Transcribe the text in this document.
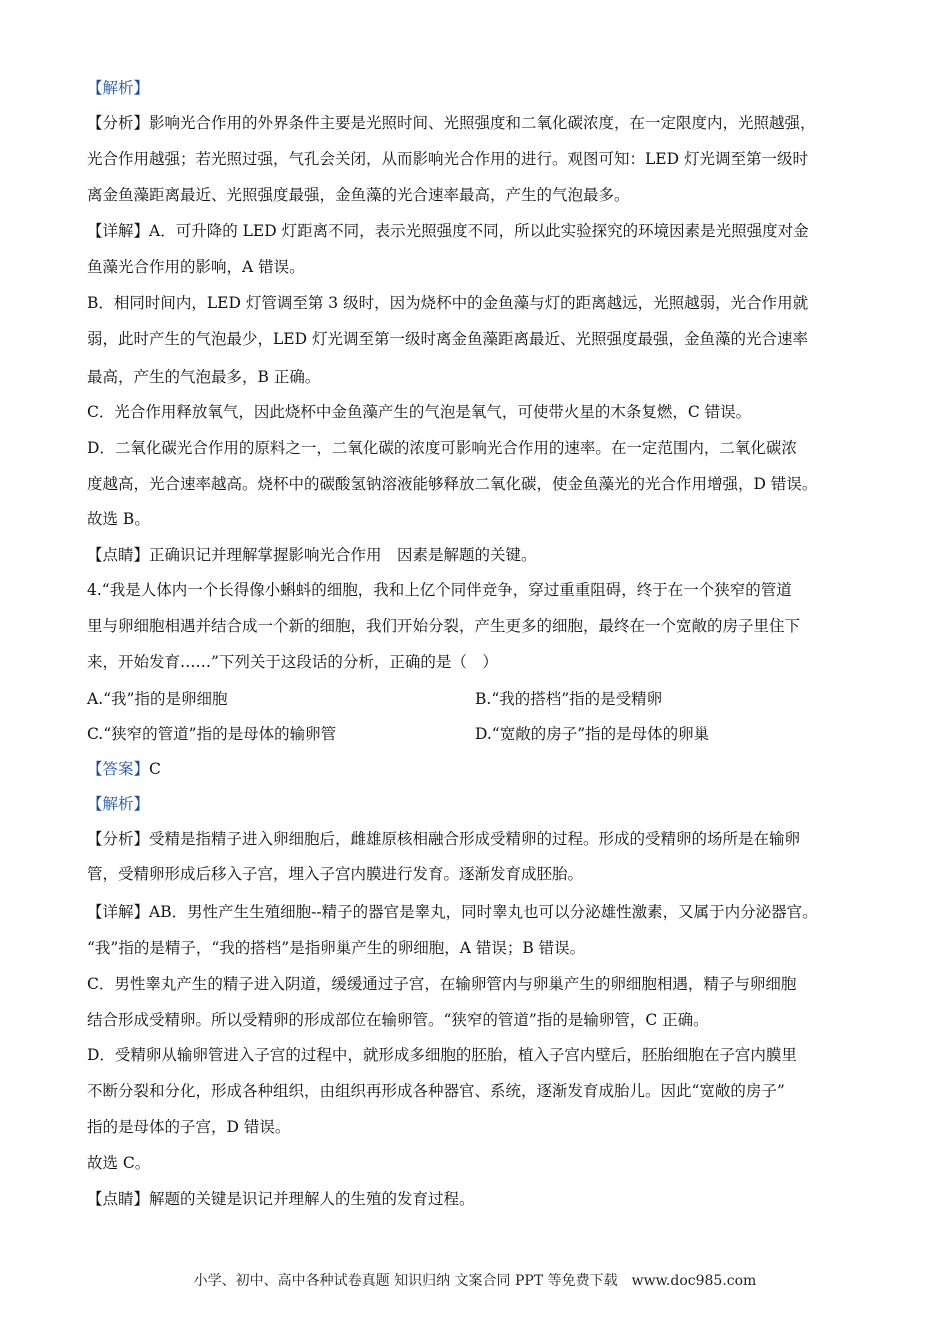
【解析】
【分析】影响光合作用的外界条件主要是光照时间、光照强度和二氧化碳浓度，在一定限度内，光照越强，
光合作用越强；若光照过强，气孔会关闭，从而影响光合作用的进行。观图可知：LED 灯光调至第一级时
离金鱼藻距离最近、光照强度最强，金鱼藻的光合速率最高，产生的气泡最多。
【详解】A．可升降的 LED 灯距离不同，表示光照强度不同，所以此实验探究的环境因素是光照强度对金
鱼藻光合作用的影响，A 错误。
B．相同时间内，LED 灯管调至第 3 级时，因为烧杯中的金鱼藻与灯的距离越远，光照越弱，光合作用就
弱，此时产生的气泡最少，LED 灯光调至第一级时离金鱼藻距离最近、光照强度最强，金鱼藻的光合速率
最高，产生的气泡最多，B 正确。
C．光合作用释放氧气，因此烧杯中金鱼藻产生的气泡是氧气，可使带火星的木条复燃，C 错误。
D．二氧化碳光合作用的原料之一，二氧化碳的浓度可影响光合作用的速率。在一定范围内，二氧化碳浓
度越高，光合速率越高。烧杯中的碳酸氢钠溶液能够释放二氧化碳，使金鱼藻光的光合作用增强，D 错误。
故选 B。
【点睛】正确识记并理解掌握影响光合作用　因素是解题的关键。
4.“我是人体内一个长得像小蝌蚪的细胞，我和上亿个同伴竞争，穿过重重阻碍，终于在一个狭窄的管道
里与卵细胞相遇并结合成一个新的细胞，我们开始分裂，产生更多的细胞，最终在一个宽敞的房子里住下
来，开始发育……”下列关于这段话的分析，正确的是（　）
A.“我”指的是卵细胞	B.“我的搭档”指的是受精卵
C.“狭窄的管道”指的是母体的输卵管	D.“宽敞的房子”指的是母体的卵巢
【答案】C
【解析】
【分析】受精是指精子进入卵细胞后，雌雄原核相融合形成受精卵的过程。形成的受精卵的场所是在输卵
管，受精卵形成后移入子宫，埋入子宫内膜进行发育。逐渐发育成胚胎。
【详解】AB．男性产生生殖细胞--精子的器官是睾丸，同时睾丸也可以分泌雄性激素，又属于内分泌器官。
“我”指的是精子，“我的搭档”是指卵巢产生的卵细胞，A 错误；B 错误。
C．男性睾丸产生的精子进入阴道，缓缓通过子宫，在输卵管内与卵巢产生的卵细胞相遇，精子与卵细胞
结合形成受精卵。所以受精卵的形成部位在输卵管。“狭窄的管道”指的是输卵管，C 正确。
D．受精卵从输卵管进入子宫的过程中，就形成多细胞的胚胎，植入子宫内壁后，胚胎细胞在子宫内膜里
不断分裂和分化，形成各种组织，由组织再形成各种器官、系统，逐渐发育成胎儿。因此“宽敞的房子”
指的是母体的子宫，D 错误。
故选 C。
【点睛】解题的关键是识记并理解人的生殖的发育过程。
小学、初中、高中各种试卷真题 知识归纳 文案合同 PPT 等免费下载　www.doc985.com
